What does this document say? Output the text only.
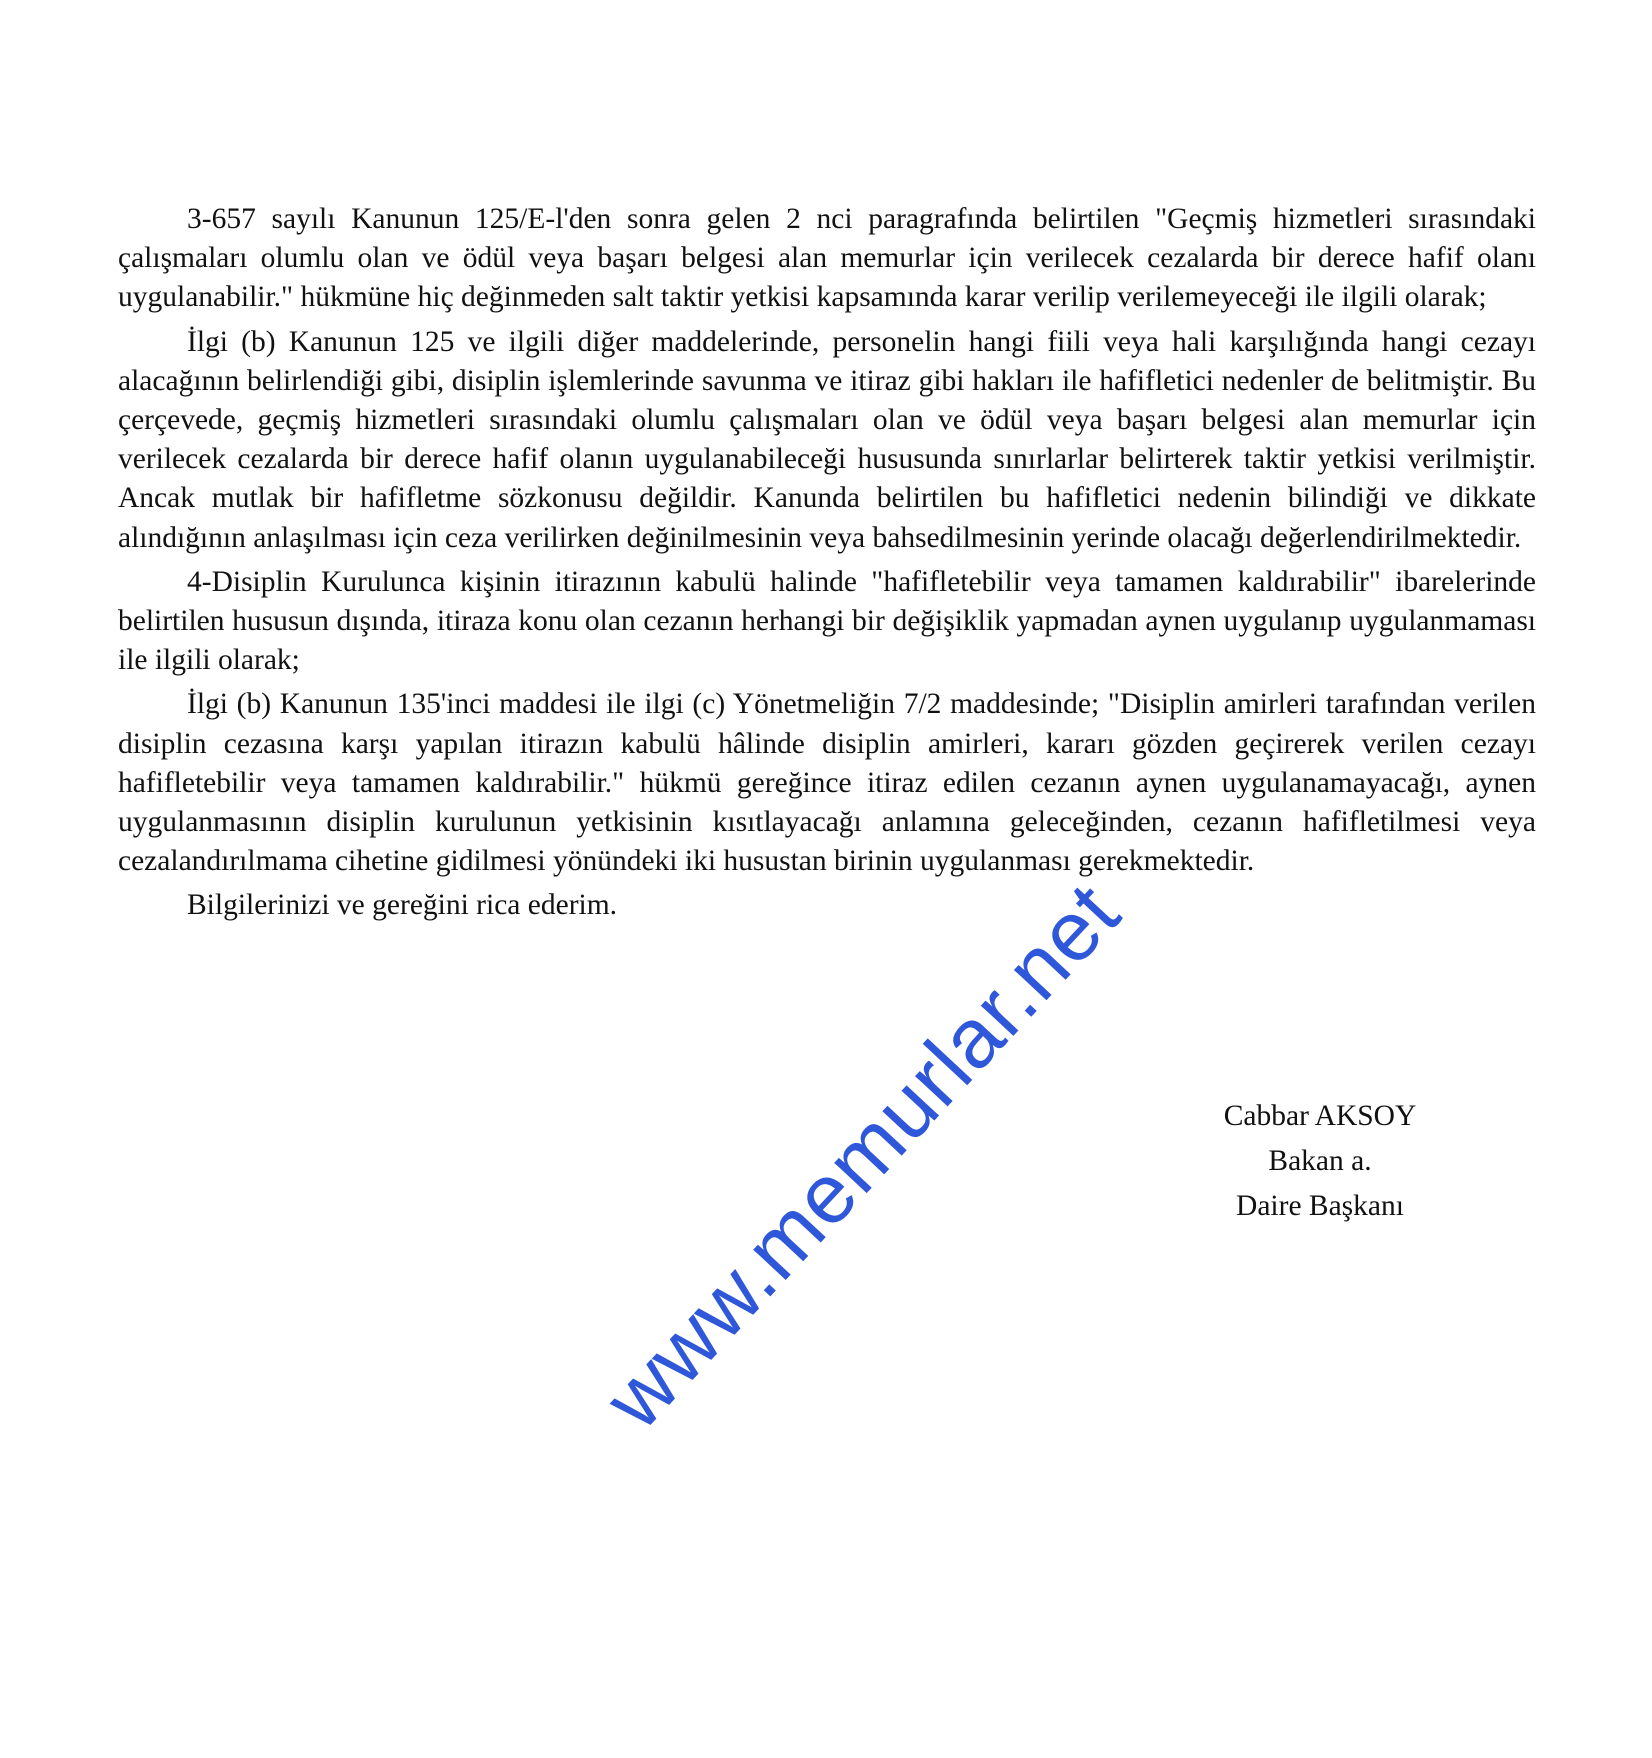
3-657 sayılı Kanunun 125/E-l'den sonra gelen 2 nci paragrafında belirtilen "Geçmiş hizmetleri sırasındaki çalışmaları olumlu olan ve ödül veya başarı belgesi alan memurlar için verilecek cezalarda bir derece hafif olanı uygulanabilir." hükmüne hiç değinmeden salt taktir yetkisi kapsamında karar verilip verilemeyeceği ile ilgili olarak;

İlgi (b) Kanunun 125 ve ilgili diğer maddelerinde, personelin hangi fiili veya hali karşılığında hangi cezayı alacağının belirlendiği gibi, disiplin işlemlerinde savunma ve itiraz gibi hakları ile hafifletici nedenler de belitmiştir. Bu çerçevede, geçmiş hizmetleri sırasındaki olumlu çalışmaları olan ve ödül veya başarı belgesi alan memurlar için verilecek cezalarda bir derece hafif olanın uygulanabileceği hususunda sınırlarlar belirterek taktir yetkisi verilmiştir. Ancak mutlak bir hafifletme sözkonusu değildir. Kanunda belirtilen bu hafifletici nedenin bilindiği ve dikkate alındığının anlaşılması için ceza verilirken değinilmesinin veya bahsedilmesinin yerinde olacağı değerlendirilmektedir.

4-Disiplin Kurulunca kişinin itirazının kabulü halinde "hafifletebilir veya tamamen kaldırabilir" ibarelerinde belirtilen hususun dışında, itiraza konu olan cezanın herhangi bir değişiklik yapmadan aynen uygulanıp uygulanmaması ile ilgili olarak;

İlgi (b) Kanunun 135'inci maddesi ile ilgi (c) Yönetmeliğin 7/2 maddesinde; "Disiplin amirleri tarafından verilen disiplin cezasına karşı yapılan itirazın kabulü hâlinde disiplin amirleri, kararı gözden geçirerek verilen cezayı hafifletebilir veya tamamen kaldırabilir." hükmü gereğince itiraz edilen cezanın aynen uygulanamayacağı, aynen uygulanmasının disiplin kurulunun yetkisinin kısıtlayacağı anlamına geleceğinden, cezanın hafifletilmesi veya cezalandırılmama cihetine gidilmesi yönündeki iki husustan birinin uygulanması gerekmektedir.

Bilgilerinizi ve gereğini rica ederim.

Cabbar AKSOY
Bakan a.
Daire Başkanı
www.memurlar.net
